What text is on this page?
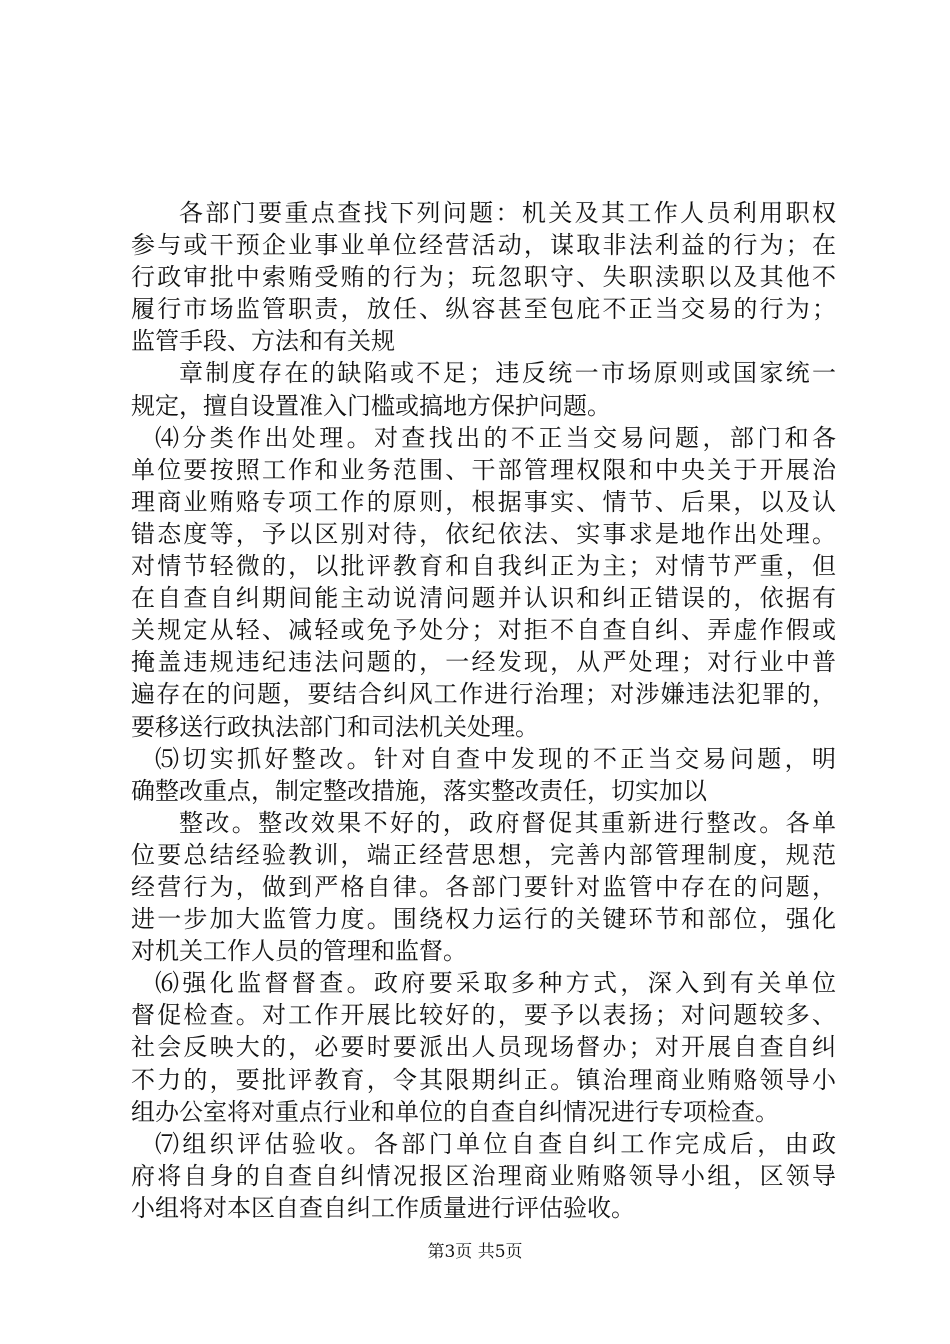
各部门要重点查找下列问题：机关及其工作人员利用职权
参与或干预企业事业单位经营活动，谋取非法利益的行为；在
行政审批中索贿受贿的行为；玩忽职守、失职渎职以及其他不
履行市场监管职责，放任、纵容甚至包庇不正当交易的行为；
监管手段、方法和有关规
章制度存在的缺陷或不足；违反统一市场原则或国家统一
规定，擅自设置准入门槛或搞地方保护问题。
⑷分类作出处理。对查找出的不正当交易问题，部门和各
单位要按照工作和业务范围、干部管理权限和中央关于开展治
理商业贿赂专项工作的原则，根据事实、情节、后果，以及认
错态度等，予以区别对待，依纪依法、实事求是地作出处理。
对情节轻微的，以批评教育和自我纠正为主；对情节严重，但
在自查自纠期间能主动说清问题并认识和纠正错误的，依据有
关规定从轻、减轻或免予处分；对拒不自查自纠、弄虚作假或
掩盖违规违纪违法问题的，一经发现，从严处理；对行业中普
遍存在的问题，要结合纠风工作进行治理；对涉嫌违法犯罪的，
要移送行政执法部门和司法机关处理。
⑸切实抓好整改。针对自查中发现的不正当交易问题，明
确整改重点，制定整改措施，落实整改责任，切实加以
整改。整改效果不好的，政府督促其重新进行整改。各单
位要总结经验教训，端正经营思想，完善内部管理制度，规范
经营行为，做到严格自律。各部门要针对监管中存在的问题，
进一步加大监管力度。围绕权力运行的关键环节和部位，强化
对机关工作人员的管理和监督。
⑹强化监督督查。政府要采取多种方式，深入到有关单位
督促检查。对工作开展比较好的，要予以表扬；对问题较多、
社会反映大的，必要时要派出人员现场督办；对开展自查自纠
不力的，要批评教育，令其限期纠正。镇治理商业贿赂领导小
组办公室将对重点行业和单位的自查自纠情况进行专项检查。
⑺组织评估验收。各部门单位自查自纠工作完成后，由政
府将自身的自查自纠情况报区治理商业贿赂领导小组，区领导
小组将对本区自查自纠工作质量进行评估验收。
第3页 共5页
